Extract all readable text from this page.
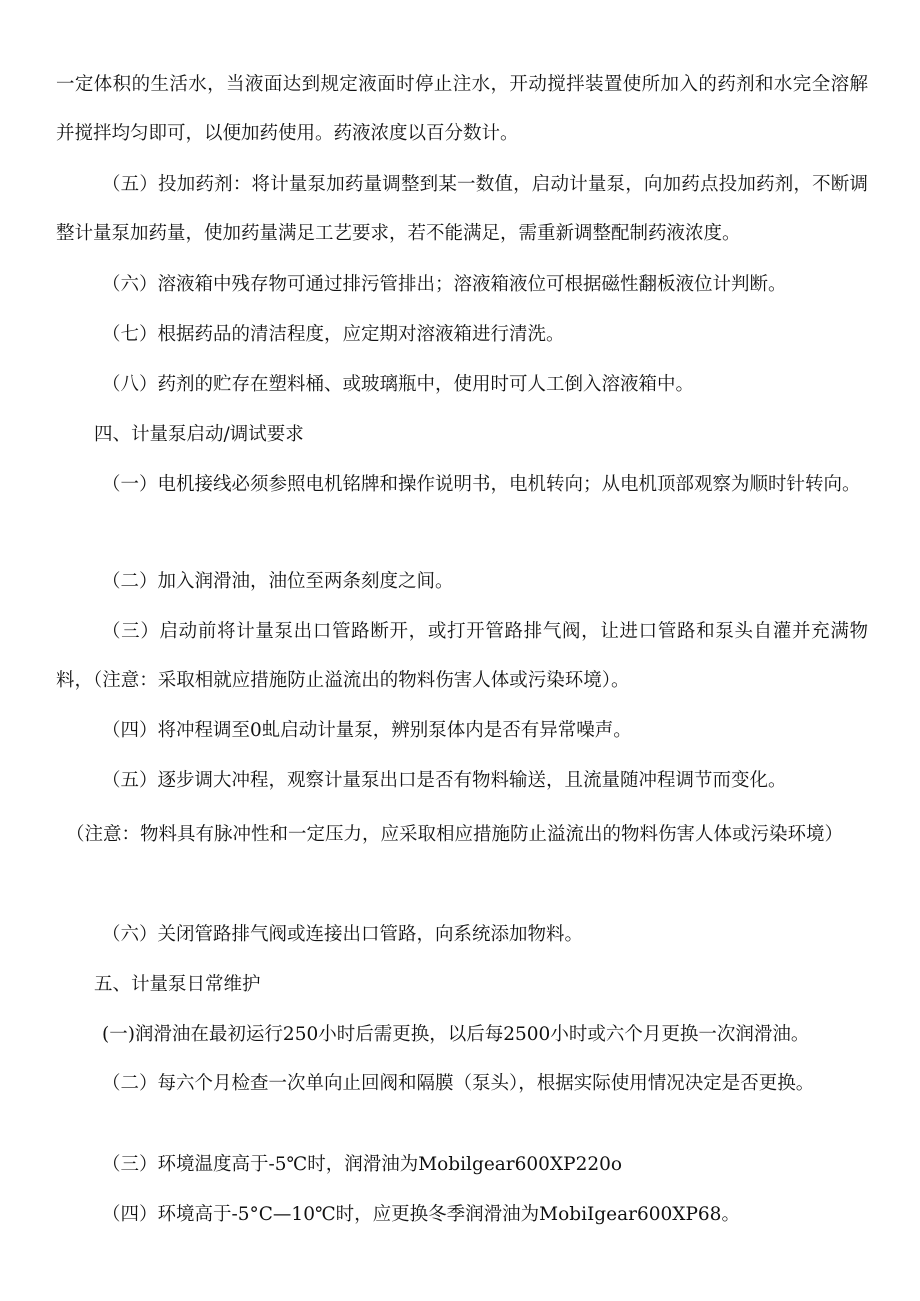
一定体积的生活水，当液面达到规定液面时停止注水，开动搅拌装置使所加入的药剂和水完全溶解并搅拌均匀即可，以便加药使用。药液浓度以百分数计。

（五）投加药剂：将计量泵加药量调整到某一数值，启动计量泵，向加药点投加药剂，不断调整计量泵加药量，使加药量满足工艺要求，若不能满足，需重新调整配制药液浓度。

（六）溶液箱中残存物可通过排污管排出；溶液箱液位可根据磁性翻板液位计判断。

（七）根据药品的清洁程度，应定期对溶液箱进行清洗。

（八）药剂的贮存在塑料桶、或玻璃瓶中，使用时可人工倒入溶液箱中。

四、计量泵启动/调试要求

（一）电机接线必须参照电机铭牌和操作说明书，电机转向；从电机顶部观察为顺时针转向。

（二）加入润滑油，油位至两条刻度之间。

（三）启动前将计量泵出口管路断开，或打开管路排气阀，让进口管路和泵头自灌并充满物料，（注意：采取相就应措施防止溢流出的物料伤害人体或污染环境）。

（四）将冲程调至0虬启动计量泵，辨别泵体内是否有异常噪声。

（五）逐步调大冲程，观察计量泵出口是否有物料输送，且流量随冲程调节而变化。

（注意：物料具有脉冲性和一定压力，应采取相应措施防止溢流出的物料伤害人体或污染环境）

（六）关闭管路排气阀或连接出口管路，向系统添加物料。

五、计量泵日常维护

(一)润滑油在最初运行250小时后需更换，以后每2500小时或六个月更换一次润滑油。

（二）每六个月检查一次单向止回阀和隔膜（泵头），根据实际使用情况决定是否更换。

（三）环境温度高于-5℃时，润滑油为Mobilgear600XP220o

（四）环境高于-5°C—10℃时，应更换冬季润滑油为MobiIgear600XP68。
